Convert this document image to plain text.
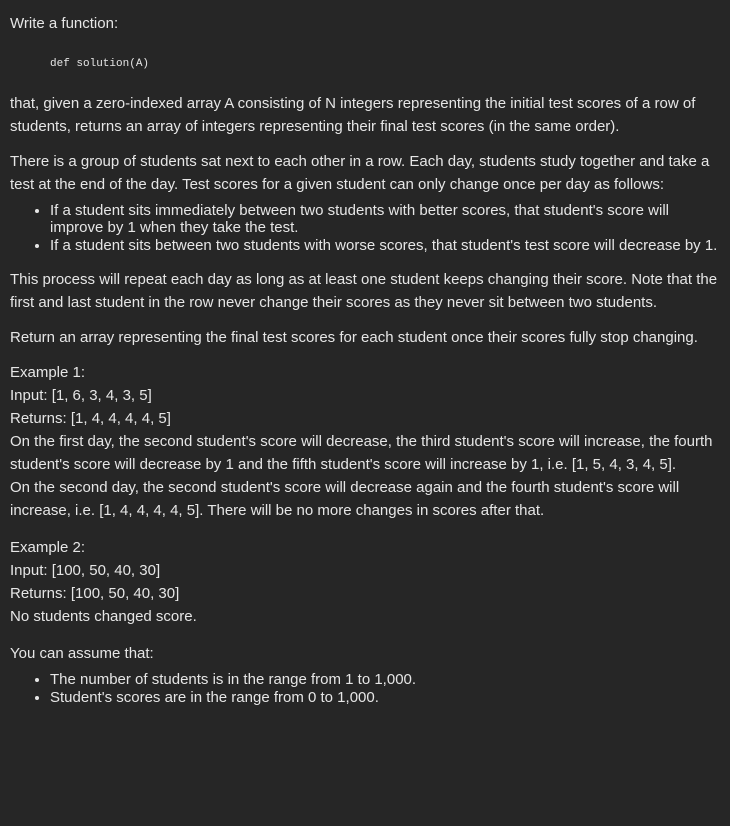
Write a function:

def solution(A)

that, given a zero-indexed array A consisting of N integers representing the initial test scores of a row of students, returns an array of integers representing their final test scores (in the same order).

There is a group of students sat next to each other in a row. Each day, students study together and take a test at the end of the day. Test scores for a given student can only change once per day as follows:

• If a student sits immediately between two students with better scores, that student's score will improve by 1 when they take the test.
• If a student sits between two students with worse scores, that student's test score will decrease by 1.

This process will repeat each day as long as at least one student keeps changing their score. Note that the first and last student in the row never change their scores as they never sit between two students.

Return an array representing the final test scores for each student once their scores fully stop changing.

Example 1:

Input: [1, 6, 3, 4, 3, 5]

Returns: [1, 4, 4, 4, 4, 5]

On the first day, the second student's score will decrease, the third student's score will increase, the fourth student's score will decrease by 1 and the fifth student's score will increase by 1, i.e. [1, 5, 4, 3, 4, 5].

On the second day, the second student's score will decrease again and the fourth student's score will increase, i.e. [1, 4, 4, 4, 4, 5]. There will be no more changes in scores after that.

Example 2:

Input: [100, 50, 40, 30]

Returns: [100, 50, 40, 30]

No students changed score.

You can assume that:

• The number of students is in the range from 1 to 1,000.
• Student's scores are in the range from 0 to 1,000.
